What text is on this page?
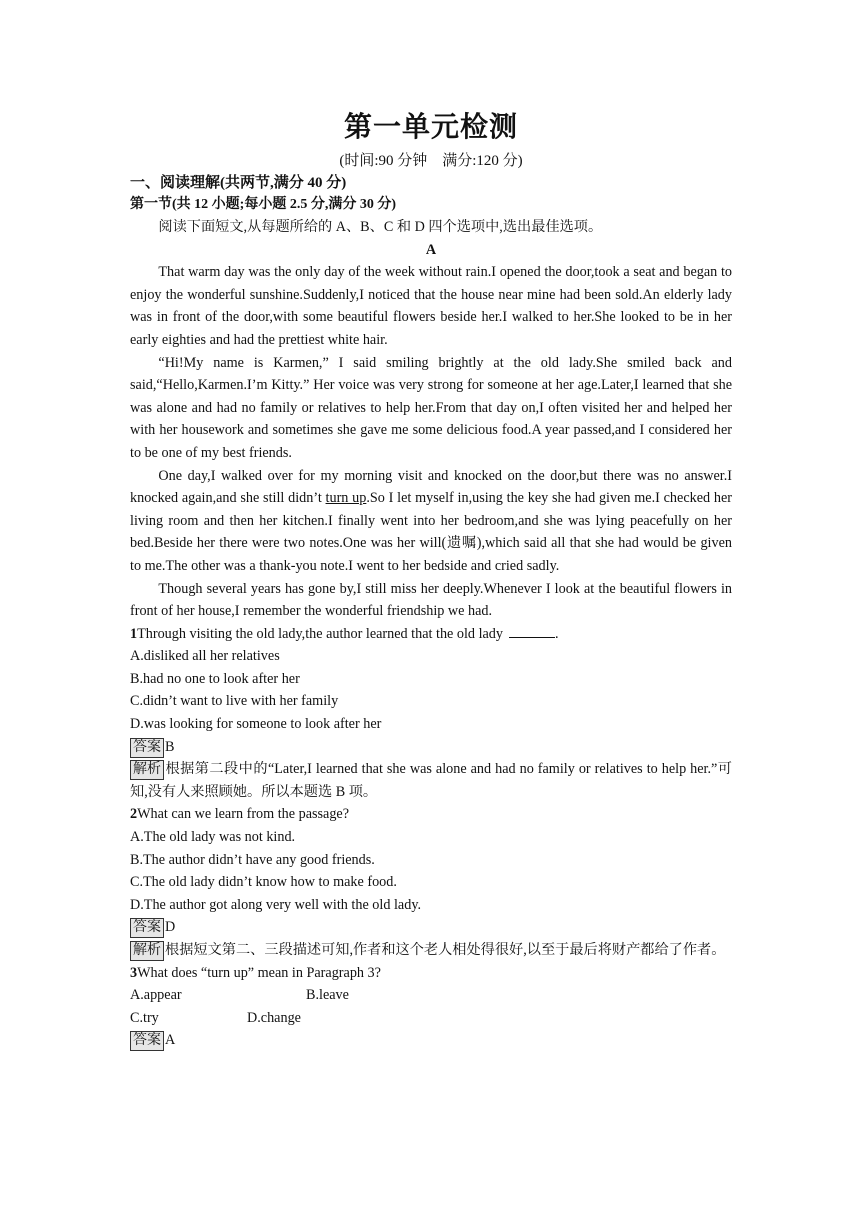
第一单元检测
(时间:90 分钟　满分:120 分)
一、阅读理解(共两节,满分 40 分)
第一节(共 12 小题;每小题 2.5 分,满分 30 分)

阅读下面短文,从每题所给的 A、B、C 和 D 四个选项中,选出最佳选项。

A

That warm day was the only day of the week without rain.I opened the door,took a seat and began to enjoy the wonderful sunshine.Suddenly,I noticed that the house near mine had been sold.An elderly lady was in front of the door,with some beautiful flowers beside her.I walked to her.She looked to be in her early eighties and had the prettiest white hair.

“Hi!My name is Karmen,” I said smiling brightly at the old lady.She smiled back and said,“Hello,Karmen.I’m Kitty.” Her voice was very strong for someone at her age.Later,I learned that she was alone and had no family or relatives to help her.From that day on,I often visited her and helped her with her housework and sometimes she gave me some delicious food.A year passed,and I considered her to be one of my best friends.

One day,I walked over for my morning visit and knocked on the door,but there was no answer.I knocked again,and she still didn’t turn up.So I let myself in,using the key she had given me.I checked her living room and then her kitchen.I finally went into her bedroom,and she was lying peacefully on her bed.Beside her there were two notes.One was her will(遗嘱),which said all that she had would be given to me.The other was a thank-you note.I went to her bedside and cried sadly.

Though several years has gone by,I still miss her deeply.Whenever I look at the beautiful flowers in front of her house,I remember the wonderful friendship we had.

1Through visiting the old lady,the author learned that the old lady	.

A.disliked all her relatives

B.had no one to look after her

C.didn’t want to live with her family

D.was looking for someone to look after her

答案 B

解析 根据第二段中的“Later,I learned that she was alone and had no family or relatives to help her.”可知,没有人来照顾她。所以本题选 B 项。

2What can we learn from the passage?

A.The old lady was not kind.

B.The author didn’t have any good friends.

C.The old lady didn’t know how to make food.

D.The author got along very well with the old lady.

答案 D

解析 根据短文第二、三段描述可知,作者和这个老人相处得很好,以至于最后将财产都给了作者。

3What does “turn up” mean in Paragraph 3?

A.appear	B.leave

C.try	D.change

答案 A
